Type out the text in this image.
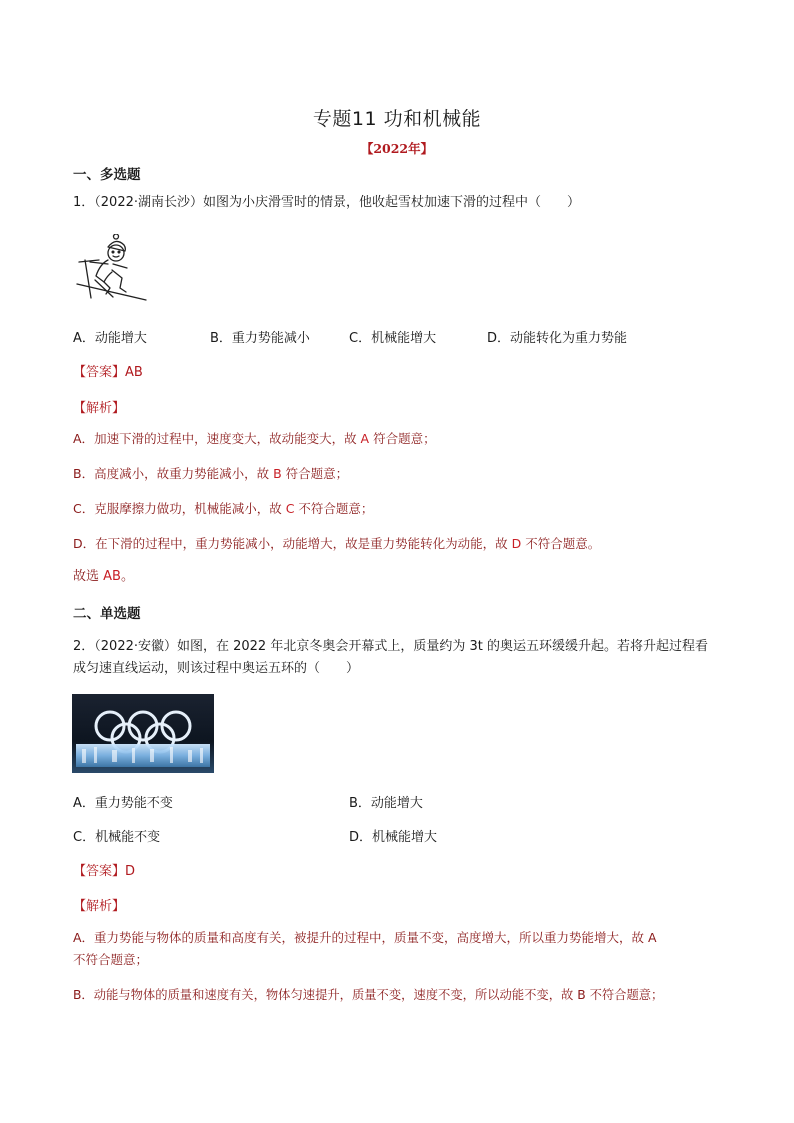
专题11 功和机械能
【2022年】
一、多选题
1．（2022·湖南长沙）如图为小庆滑雪时的情景，他收起雪杖加速下滑的过程中（　　）
A．动能增大	B．重力势能减小	C．机械能增大	D．动能转化为重力势能
【答案】AB
【解析】
A．加速下滑的过程中，速度变大，故动能变大，故 A 符合题意；
B．高度减小，故重力势能减小，故 B 符合题意；
C．克服摩擦力做功，机械能减小，故 C 不符合题意；
D．在下滑的过程中，重力势能减小，动能增大，故是重力势能转化为动能，故 D 不符合题意。
故选 AB。
二、单选题
2．（2022·安徽）如图，在 2022 年北京冬奥会开幕式上，质量约为 3t 的奥运五环缓缓升起。若将升起过程看
成匀速直线运动，则该过程中奥运五环的（　　）
A．重力势能不变	B．动能增大
C．机械能不变	D．机械能增大
【答案】D
【解析】
A．重力势能与物体的质量和高度有关，被提升的过程中，质量不变，高度增大，所以重力势能增大，故 A
不符合题意；
B．动能与物体的质量和速度有关，物体匀速提升，质量不变，速度不变，所以动能不变，故 B 不符合题意；
